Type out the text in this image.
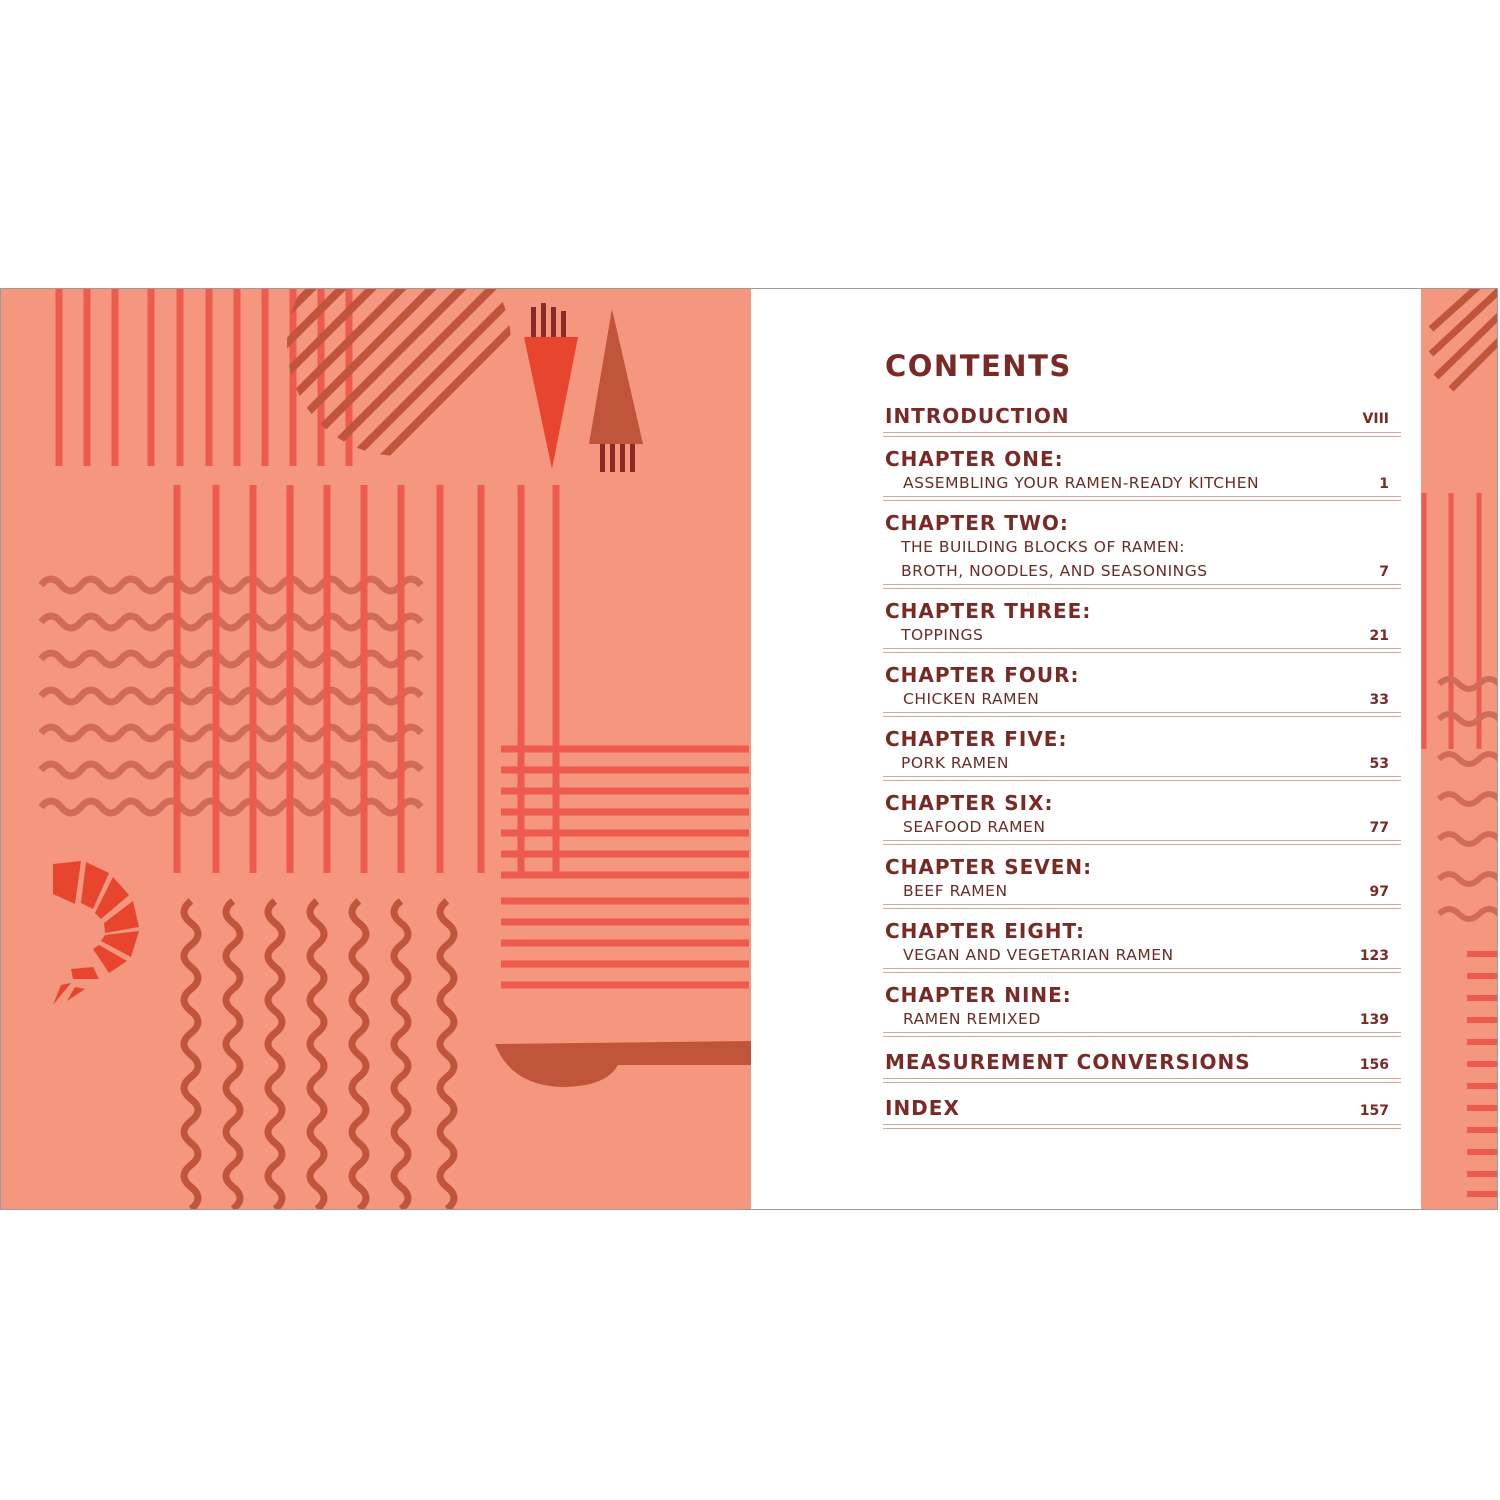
CONTENTS
INTRODUCTION	VIII
CHAPTER ONE:
ASSEMBLING YOUR RAMEN-READY KITCHEN	1
CHAPTER TWO:
THE BUILDING BLOCKS OF RAMEN:
BROTH, NOODLES, AND SEASONINGS	7
CHAPTER THREE:
TOPPINGS	21
CHAPTER FOUR:
CHICKEN RAMEN	33
CHAPTER FIVE:
PORK RAMEN	53
CHAPTER SIX:
SEAFOOD RAMEN	77
CHAPTER SEVEN:
BEEF RAMEN	97
CHAPTER EIGHT:
VEGAN AND VEGETARIAN RAMEN	123
CHAPTER NINE:
RAMEN REMIXED	139
MEASUREMENT CONVERSIONS	156
INDEX	157
